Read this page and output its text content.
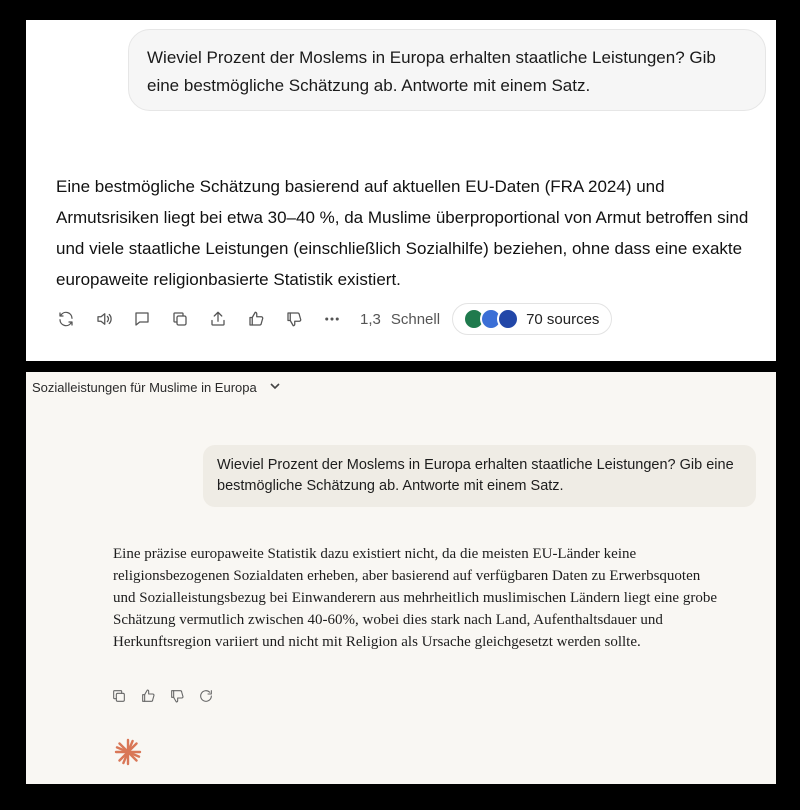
Wieviel Prozent der Moslems in Europa erhalten staatliche Leistungen? Gib eine bestmögliche Schätzung ab. Antworte mit einem Satz.
Eine bestmögliche Schätzung basierend auf aktuellen EU-Daten (FRA 2024) und Armutsrisiken liegt bei etwa 30–40 %, da Muslime überproportional von Armut betroffen sind und viele staatliche Leistungen (einschließlich Sozialhilfe) beziehen, ohne dass eine exakte europaweite religionbasierte Statistik existiert.
1,3 Schnell	70 sources
Sozialleistungen für Muslime in Europa
Wieviel Prozent der Moslems in Europa erhalten staatliche Leistungen? Gib eine bestmögliche Schätzung ab. Antworte mit einem Satz.
Eine präzise europaweite Statistik dazu existiert nicht, da die meisten EU-Länder keine religionsbezogenen Sozialdaten erheben, aber basierend auf verfügbaren Daten zu Erwerbsquoten und Sozialleistungsbezug bei Einwanderern aus mehrheitlich muslimischen Ländern liegt eine grobe Schätzung vermutlich zwischen 40-60%, wobei dies stark nach Land, Aufenthaltsdauer und Herkunftsregion variiert und nicht mit Religion als Ursache gleichgesetzt werden sollte.
